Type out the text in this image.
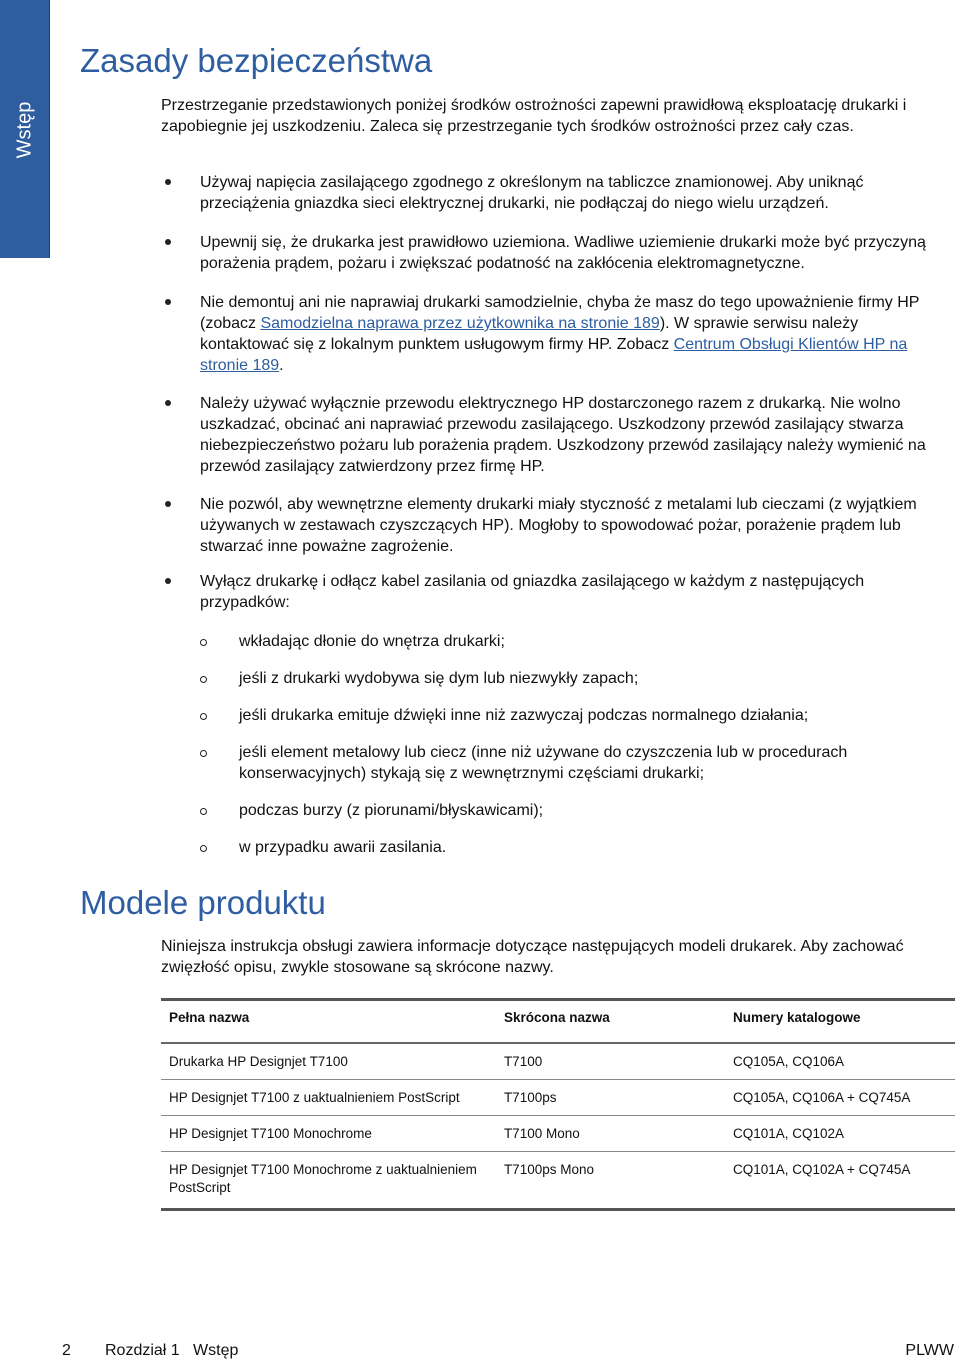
Wstęp
Zasady bezpieczeństwa

Przestrzeganie przedstawionych poniżej środków ostrożności zapewni prawidłową eksploatację drukarki i zapobiegnie jej uszkodzeniu. Zaleca się przestrzeganie tych środków ostrożności przez cały czas.

Używaj napięcia zasilającego zgodnego z określonym na tabliczce znamionowej. Aby uniknąć przeciążenia gniazdka sieci elektrycznej drukarki, nie podłączaj do niego wielu urządzeń.
Upewnij się, że drukarka jest prawidłowo uziemiona. Wadliwe uziemienie drukarki może być przyczyną porażenia prądem, pożaru i zwiększać podatność na zakłócenia elektromagnetyczne.
Nie demontuj ani nie naprawiaj drukarki samodzielnie, chyba że masz do tego upoważnienie firmy HP (zobacz Samodzielna naprawa przez użytkownika na stronie 189). W sprawie serwisu należy kontaktować się z lokalnym punktem usługowym firmy HP. Zobacz Centrum Obsługi Klientów HP na stronie 189.
Należy używać wyłącznie przewodu elektrycznego HP dostarczonego razem z drukarką. Nie wolno uszkadzać, obcinać ani naprawiać przewodu zasilającego. Uszkodzony przewód zasilający stwarza niebezpieczeństwo pożaru lub porażenia prądem. Uszkodzony przewód zasilający należy wymienić na przewód zasilający zatwierdzony przez firmę HP.
Nie pozwól, aby wewnętrzne elementy drukarki miały styczność z metalami lub cieczami (z wyjątkiem używanych w zestawach czyszczących HP). Mogłoby to spowodować pożar, porażenie prądem lub stwarzać inne poważne zagrożenie.
Wyłącz drukarkę i odłącz kabel zasilania od gniazdka zasilającego w każdym z następujących przypadków:
wkładając dłonie do wnętrza drukarki;
jeśli z drukarki wydobywa się dym lub niezwykły zapach;
jeśli drukarka emituje dźwięki inne niż zazwyczaj podczas normalnego działania;
jeśli element metalowy lub ciecz (inne niż używane do czyszczenia lub w procedurach konserwacyjnych) stykają się z wewnętrznymi częściami drukarki;
podczas burzy (z piorunami/błyskawicami);
w przypadku awarii zasilania.
Modele produktu

Niniejsza instrukcja obsługi zawiera informacje dotyczące następujących modeli drukarek. Aby zachować zwięzłość opisu, zwykle stosowane są skrócone nazwy.

Pełna nazwa	Skrócona nazwa	Numery katalogowe
Drukarka HP Designjet T7100	T7100	CQ105A, CQ106A
HP Designjet T7100 z uaktualnieniem PostScript	T7100ps	CQ105A, CQ106A + CQ745A
HP Designjet T7100 Monochrome	T7100 Mono	CQ101A, CQ102A
HP Designjet T7100 Monochrome z uaktualnieniem PostScript	T7100ps Mono	CQ101A, CQ102A + CQ745A
2 Rozdział 1   Wstęp	PLWW
